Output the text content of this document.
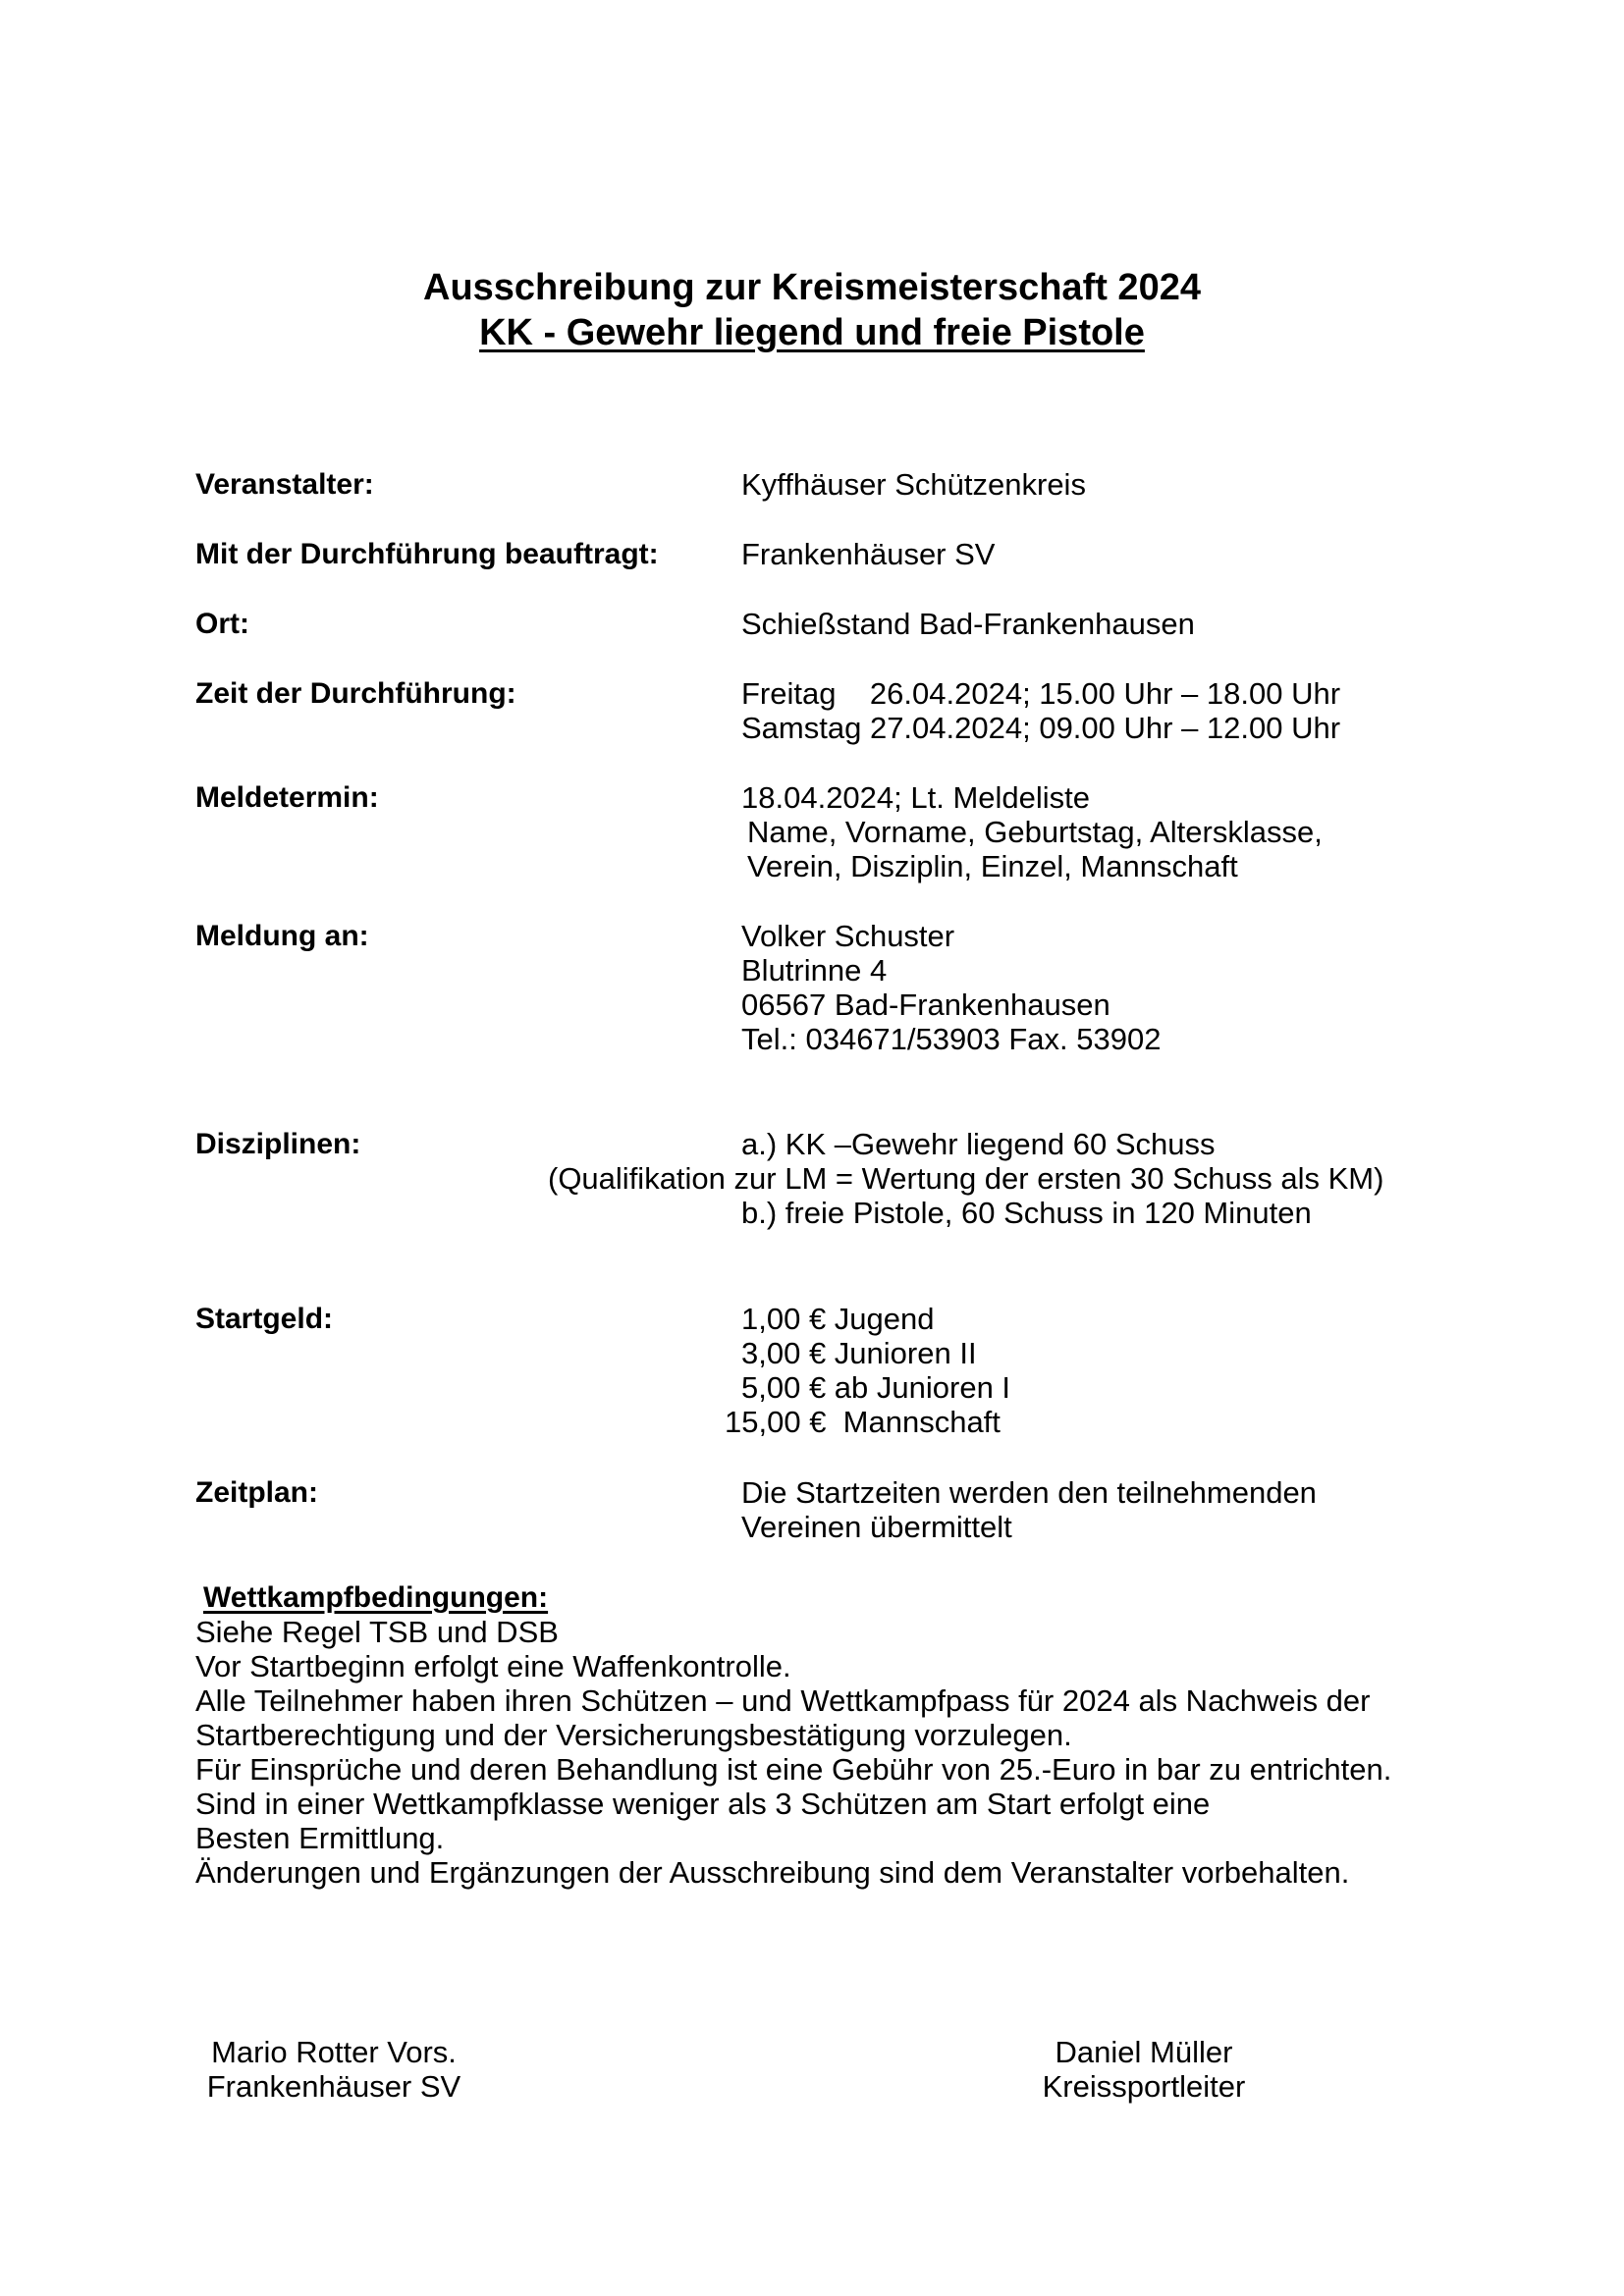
Ausschreibung zur Kreismeisterschaft 2024
KK - Gewehr liegend und freie Pistole
Veranstalter:	Kyffhäuser Schützenkreis
Mit der Durchführung beauftragt:	Frankenhäuser SV
Ort:	Schießstand Bad-Frankenhausen
Zeit der Durchführung:	Freitag    26.04.2024; 15.00 Uhr – 18.00 Uhr
Samstag 27.04.2024; 09.00 Uhr – 12.00 Uhr
Meldetermin:	18.04.2024; Lt. Meldeliste
Name, Vorname, Geburtstag, Altersklasse,
Verein, Disziplin, Einzel, Mannschaft
Meldung an:	Volker Schuster
Blutrinne 4
06567 Bad-Frankenhausen
Tel.: 034671/53903 Fax. 53902
Disziplinen:	a.) KK –Gewehr liegend 60 Schuss
(Qualifikation zur LM = Wertung der ersten 30 Schuss als KM)
b.) freie Pistole, 60 Schuss in 120 Minuten
Startgeld:	1,00 € Jugend
3,00 € Junioren II
5,00 € ab Junioren I
15,00 €  Mannschaft
Zeitplan:	Die Startzeiten werden den teilnehmenden
Vereinen übermittelt
Wettkampfbedingungen:
Siehe Regel TSB und DSB
Vor Startbeginn erfolgt eine Waffenkontrolle.
Alle Teilnehmer haben ihren Schützen – und Wettkampfpass für 2024 als Nachweis der
Startberechtigung und der Versicherungsbestätigung vorzulegen.
Für Einsprüche und deren Behandlung ist eine Gebühr von 25.-Euro in bar zu entrichten.
Sind in einer Wettkampfklasse weniger als 3 Schützen am Start erfolgt eine
Besten Ermittlung.
Änderungen und Ergänzungen der Ausschreibung sind dem Veranstalter vorbehalten.
Mario Rotter Vors.
Frankenhäuser SV
Daniel Müller
Kreissportleiter
